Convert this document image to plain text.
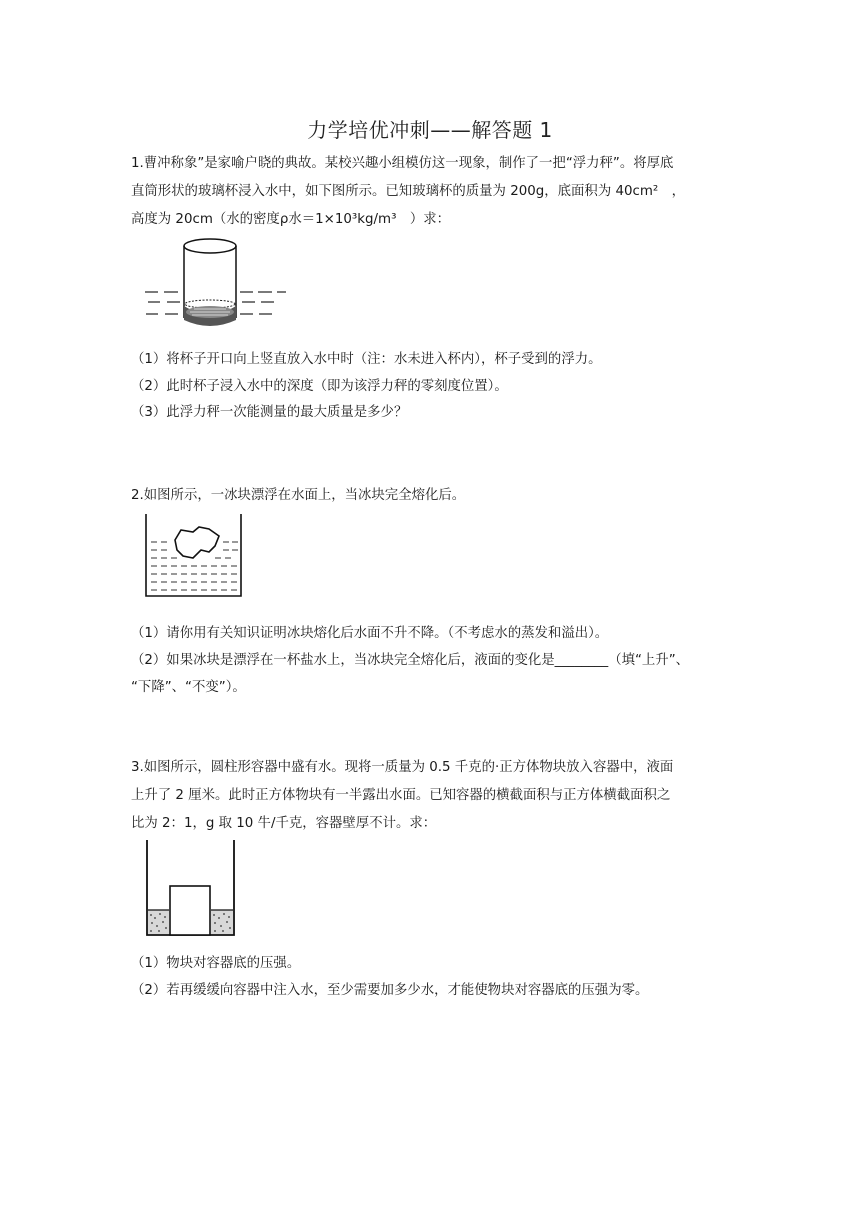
力学培优冲刺——解答题 1
1.曹冲称象”是家喻户晓的典故。某校兴趣小组模仿这一现象，制作了一把“浮力秤”。将厚底
直筒形状的玻璃杯浸入水中，如下图所示。已知玻璃杯的质量为 200g，底面积为 40cm²　，
高度为 20cm（水的密度ρ水＝1×10³kg/m³　）求：
（1）将杯子开口向上竖直放入水中时（注：水未进入杯内），杯子受到的浮力。
（2）此时杯子浸入水中的深度（即为该浮力秤的零刻度位置）。
（3）此浮力秤一次能测量的最大质量是多少？
2.如图所示，一冰块漂浮在水面上，当冰块完全熔化后。
（1）请你用有关知识证明冰块熔化后水面不升不降。（不考虑水的蒸发和溢出）。
（2）如果冰块是漂浮在一杯盐水上，当冰块完全熔化后，液面的变化是________（填“上升”、
“下降”、“不变”）。
3.如图所示，圆柱形容器中盛有水。现将一质量为 0.5 千克的·正方体物块放入容器中，液面
上升了 2 厘米。此时正方体物块有一半露出水面。已知容器的横截面积与正方体横截面积之
比为 2：1，g 取 10 牛/千克，容器壁厚不计。求：
（1）物块对容器底的压强。
（2）若再缓缓向容器中注入水，至少需要加多少水，才能使物块对容器底的压强为零。
